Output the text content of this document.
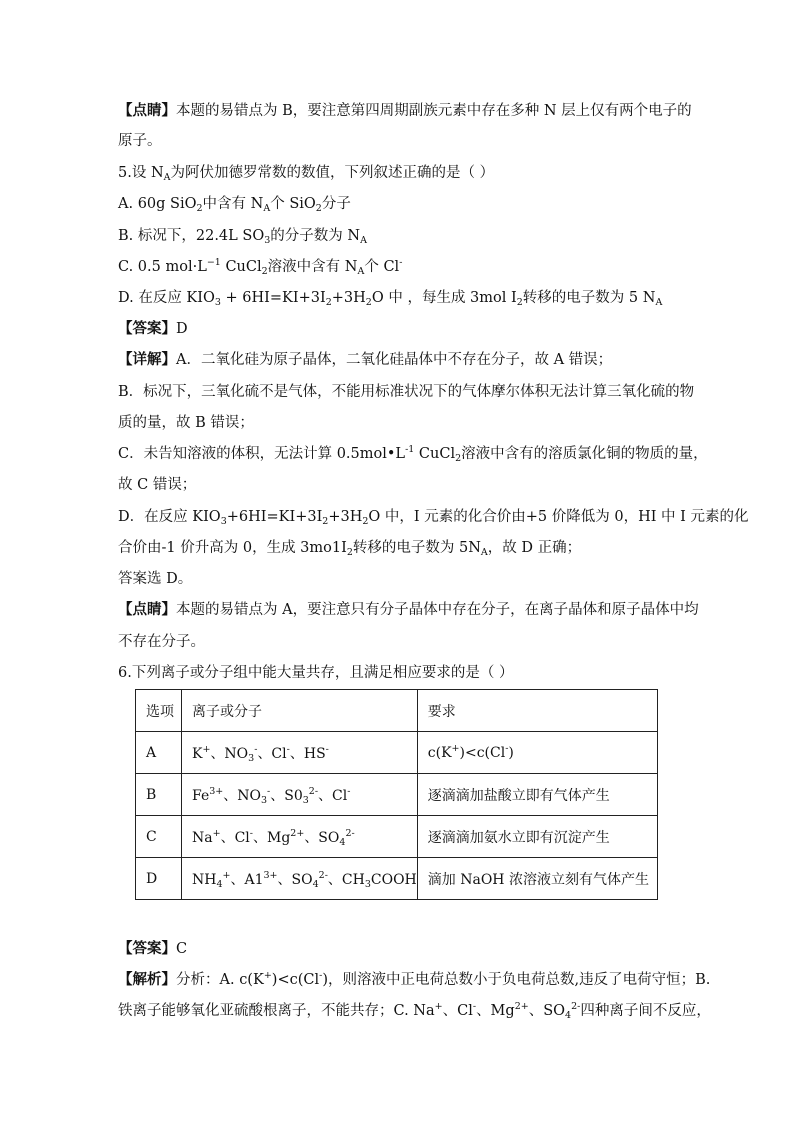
【点睛】本题的易错点为 B，要注意第四周期副族元素中存在多种 N 层上仅有两个电子的
原子。
5.设 $N_A$为阿伏加德罗常数的数值，下列叙述正确的是（ ）
A. 60g SiO$_2$中含有 $N_A$个 SiO$_2$分子
B. 标况下，22.4L $SO_3$的分子数为 $N_A$
C. 0.5 $mol\cdot L^{-1}$ CuCl$_2$溶液中含有 $N_A$个 Cl-
D. 在反应 $KIO_3 + 6HI=KI+3I_2+3H_2O$ 中 ，每生成 3mol $I_2$转移的电子数为 5 $N_A$
【答案】D
【详解】A．二氧化硅为原子晶体，二氧化硅晶体中不存在分子，故 A 错误；
B．标况下，三氧化硫不是气体，不能用标准状况下的气体摩尔体积无法计算三氧化硫的物
质的量，故 B 错误；
C．未告知溶液的体积，无法计算 $0.5mol•L^{-1}$ CuCl$_2$溶液中含有的溶质氯化铜的物质的量，
故 C 错误；
D．在反应 $KIO_3+6HI=KI+3I_2+3H_2O$ 中，I 元素的化合价由+5 价降低为 0，HI 中 I 元素的化
合价由-1 价升高为 0，生成 $3mo1I_2$转移的电子数为 $5N_A$，故 D 正确；
答案选 D。
【点睛】本题的易错点为 A，要注意只有分子晶体中存在分子，在离子晶体和原子晶体中均
不存在分子。
6.下列离子或分子组中能大量共存，且满足相应要求的是（ ）
选项	离子或分子	要求
A	K+、$NO_3^-$、Cl-、HS-	c(K+)<c(Cl-)
B	$Fe^{3+}$、$NO_3^-$、$S0_3^{2-}$、Cl-	逐滴滴加盐酸立即有气体产生
C	Na+、Cl-、$Mg^{2+}$、$SO_4^{2-}$	逐滴滴加氨水立即有沉淀产生
D	$NH_4^+$、$A1^{3+}$、$SO_4^{2-}$、$CH_3COOH$	滴加 NaOH 浓溶液立刻有气体产生
【答案】C
【解析】分析：A. c(K+)<c(Cl-)，则溶液中正电荷总数小于负电荷总数,违反了电荷守恒；B.
铁离子能够氧化亚硫酸根离子，不能共存；C. Na+、Cl-、$Mg^{2+}$、$SO_4^{2-}$四种离子间不反应，
